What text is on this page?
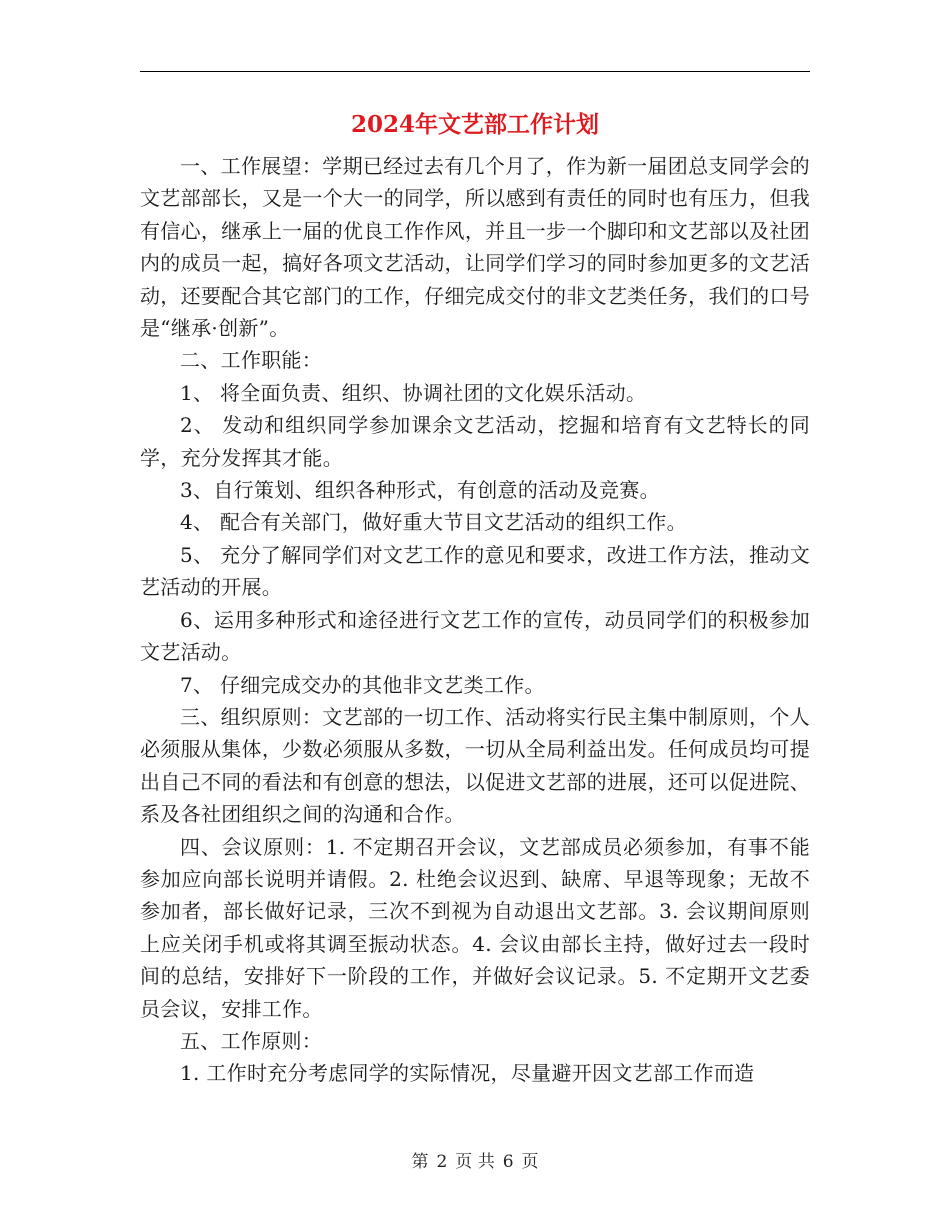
2024年文艺部工作计划

一、工作展望：学期已经过去有几个月了，作为新一届团总支同学会的文艺部部长，又是一个大一的同学，所以感到有责任的同时也有压力，但我有信心，继承上一届的优良工作作风，并且一步一个脚印和文艺部以及社团内的成员一起，搞好各项文艺活动，让同学们学习的同时参加更多的文艺活动，还要配合其它部门的工作，仔细完成交付的非文艺类任务，我们的口号是“继承·创新”。

二、工作职能：

1、 将全面负责、组织、协调社团的文化娱乐活动。

2、 发动和组织同学参加课余文艺活动，挖掘和培育有文艺特长的同学，充分发挥其才能。

3、自行策划、组织各种形式，有创意的活动及竞赛。

4、 配合有关部门，做好重大节目文艺活动的组织工作。

5、 充分了解同学们对文艺工作的意见和要求，改进工作方法，推动文艺活动的开展。

6、运用多种形式和途径进行文艺工作的宣传，动员同学们的积极参加文艺活动。

7、 仔细完成交办的其他非文艺类工作。

三、组织原则：文艺部的一切工作、活动将实行民主集中制原则，个人必须服从集体，少数必须服从多数，一切从全局利益出发。任何成员均可提出自己不同的看法和有创意的想法，以促进文艺部的进展，还可以促进院、系及各社团组织之间的沟通和合作。

四、会议原则：1. 不定期召开会议，文艺部成员必须参加，有事不能参加应向部长说明并请假。2. 杜绝会议迟到、缺席、早退等现象；无故不参加者，部长做好记录，三次不到视为自动退出文艺部。3. 会议期间原则上应关闭手机或将其调至振动状态。4. 会议由部长主持，做好过去一段时间的总结，安排好下一阶段的工作，并做好会议记录。5. 不定期开文艺委员会议，安排工作。

五、工作原则：

1. 工作时充分考虑同学的实际情况，尽量避开因文艺部工作而造

第 2 页 共 6 页
